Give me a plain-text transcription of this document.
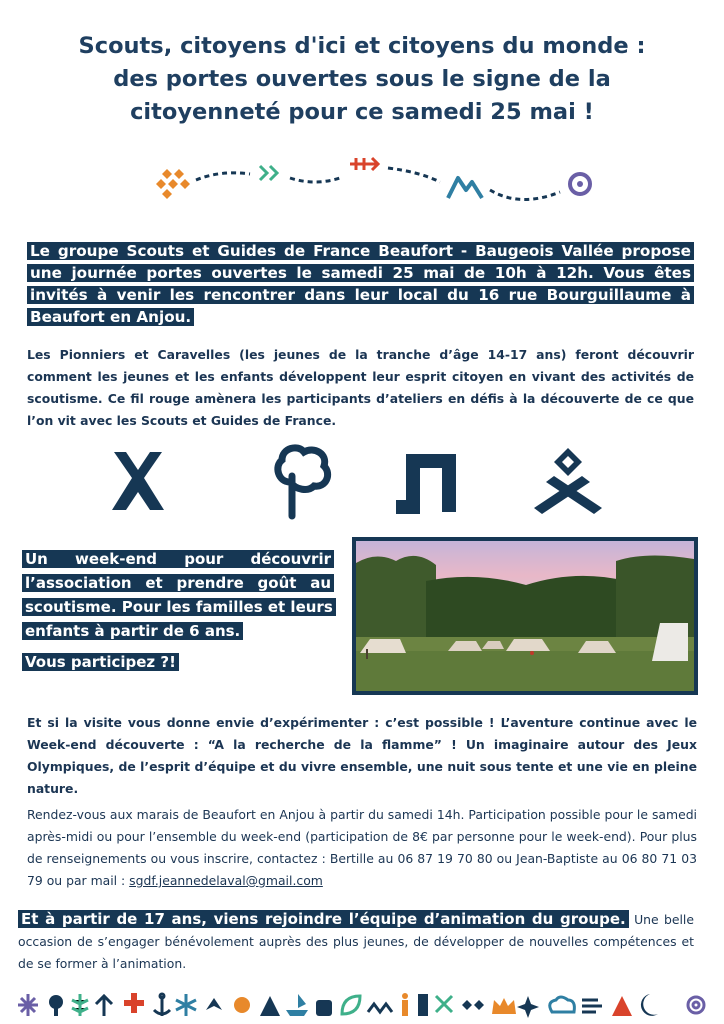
Scouts, citoyens d'ici et citoyens du monde :
des portes ouvertes sous le signe de la
citoyenneté pour ce samedi 25 mai !
Le groupe Scouts et Guides de France Beaufort - Baugeois Vallée propose une journée portes ouvertes le samedi 25 mai de 10h à 12h. Vous êtes invités à venir les rencontrer dans leur local du 16 rue Bourguillaume à Beaufort en Anjou.
Les Pionniers et Caravelles (les jeunes de la tranche d’âge 14-17 ans) feront découvrir comment les jeunes et les enfants développent leur esprit citoyen en vivant des activités de scoutisme. Ce fil rouge amènera les participants d’ateliers en défis à la découverte de ce que l’on vit avec les Scouts et Guides de France.
Un week-end pour découvrir l’association et prendre goût au scoutisme. Pour les familles et leurs enfants à partir de 6 ans.
Vous participez ?!
Et si la visite vous donne envie d’expérimenter : c’est possible ! L’aventure continue avec le Week-end découverte : “A la recherche de la flamme” ! Un imaginaire autour des Jeux Olympiques, de l’esprit d’équipe et du vivre ensemble, une nuit sous tente et une vie en pleine nature.
Rendez-vous aux marais de Beaufort en Anjou à partir du samedi 14h. Participation possible pour le samedi après-midi ou pour l’ensemble du week-end (participation de 8€ par personne pour le week-end). Pour plus de renseignements ou vous inscrire, contactez : Bertille au 06 87 19 70 80 ou Jean-Baptiste au 06 80 71 03 79 ou par mail : sgdf.jeannedelaval@gmail.com
Et à partir de 17 ans, viens rejoindre l’équipe d’animation du groupe. Une belle occasion de s’engager bénévolement auprès des plus jeunes, de développer de nouvelles compétences et de se former à l’animation.
